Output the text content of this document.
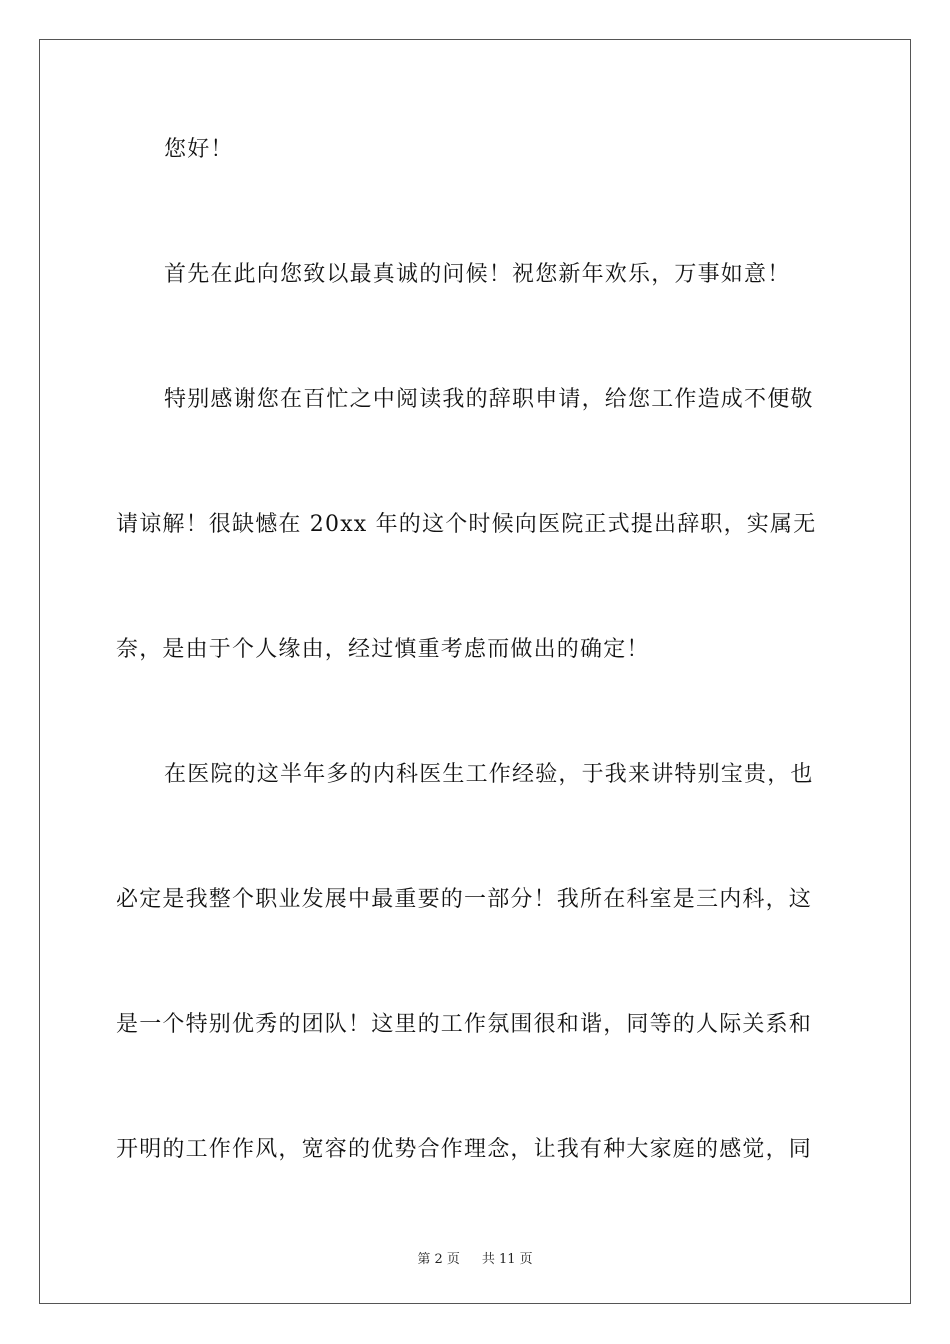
您好！
首先在此向您致以最真诚的问候！祝您新年欢乐，万事如意！
特别感谢您在百忙之中阅读我的辞职申请，给您工作造成不便敬
请谅解！很缺憾在 20xx 年的这个时候向医院正式提出辞职，实属无
奈，是由于个人缘由，经过慎重考虑而做出的确定！
在医院的这半年多的内科医生工作经验，于我来讲特别宝贵，也
必定是我整个职业发展中最重要的一部分！我所在科室是三内科，这
是一个特别优秀的团队！这里的工作氛围很和谐，同等的人际关系和
开明的工作作风，宽容的优势合作理念，让我有种大家庭的感觉，同
第 2 页 共 11 页
